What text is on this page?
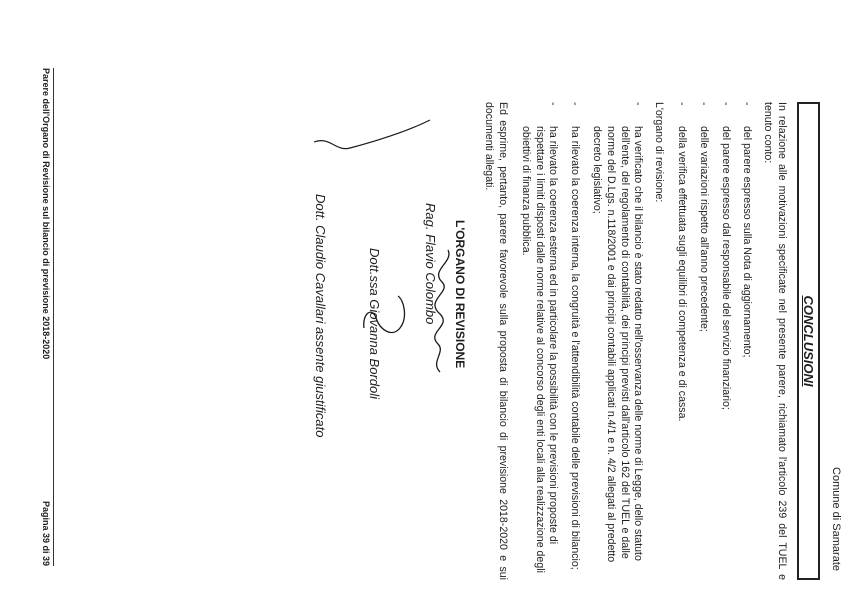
Comune di Samarate
CONCLUSIONI

In relazione alle motivazioni specificate nel presente parere, richiamato l'articolo 239 del TUEL e tenuto conto:

- del parere espresso sulla Nota di aggiornamento;
- del parere espresso dal responsabile del servizio finanziario;
- delle variazioni rispetto all'anno precedente;
- della verifica effettuata sugli equilibri di competenza e di cassa.

L'organo di revisione:

- ha verificato che il bilancio è stato redatto nell'osservanza delle norme di Legge, dello statuto dell'ente, del regolamento di contabilità, dei principi previsti dall'articolo 162 del TUEL e dalle norme del D.Lgs. n.118/2001 e dai principi contabili applicati n.4/1 e n. 4/2 allegati al predetto decreto legislativo;
- ha rilevato la coerenza interna, la congruità e l'attendibilità contabile delle previsioni di bilancio;
- ha rilevato la coerenza esterna ed in particolare la possibilità con le previsioni proposte di rispettare i limiti disposti dalle norme relative al concorso degli enti locali alla realizzazione degli obiettivi di finanza pubblica.

Ed esprime, pertanto, parere favorevole sulla proposta di bilancio di previsione 2018-2020 e sui documenti allegati.

L'ORGANO DI REVISIONE
Rag. Flavio Colombo
Dott.ssa Giovanna Bordoli
Dott. Claudio Cavallari assente giustificato
Parere dell'Organo di Revisione sul bilancio di previsione 2018-2020
Pagina 39 di 39
